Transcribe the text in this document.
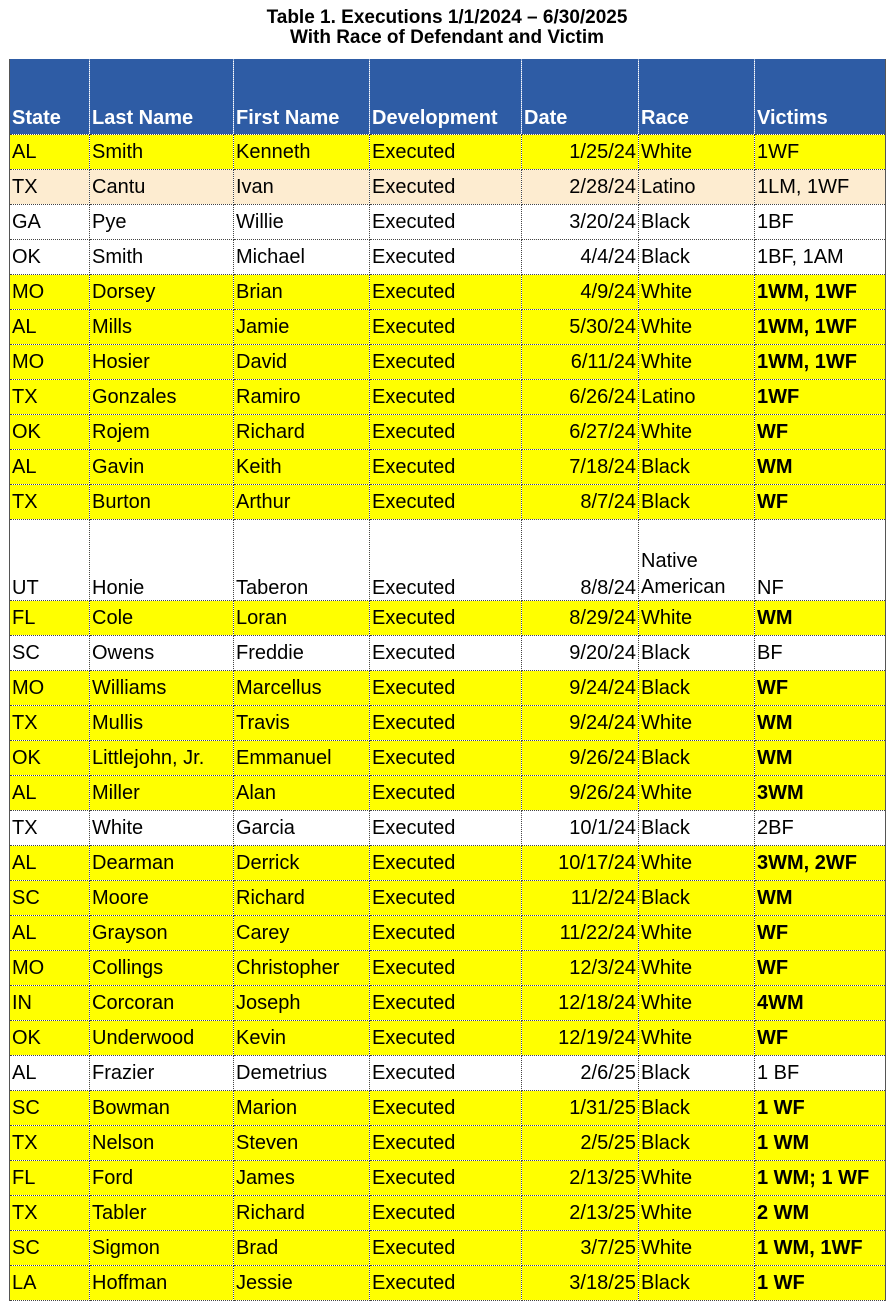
Table 1. Executions 1/1/2024 – 6/30/2025
With Race of Defendant and Victim
State	Last Name	First Name	Development	Date	Race	Victims
AL	Smith	Kenneth	Executed	1/25/24	White	1WF
TX	Cantu	Ivan	Executed	2/28/24	Latino	1LM, 1WF
GA	Pye	Willie	Executed	3/20/24	Black	1BF
OK	Smith	Michael	Executed	4/4/24	Black	1BF, 1AM
MO	Dorsey	Brian	Executed	4/9/24	White	1WM, 1WF
AL	Mills	Jamie	Executed	5/30/24	White	1WM, 1WF
MO	Hosier	David	Executed	6/11/24	White	1WM, 1WF
TX	Gonzales	Ramiro	Executed	6/26/24	Latino	1WF
OK	Rojem	Richard	Executed	6/27/24	White	WF
AL	Gavin	Keith	Executed	7/18/24	Black	WM
TX	Burton	Arthur	Executed	8/7/24	Black	WF
UT	Honie	Taberon	Executed	8/8/24	Native American	NF
FL	Cole	Loran	Executed	8/29/24	White	WM
SC	Owens	Freddie	Executed	9/20/24	Black	BF
MO	Williams	Marcellus	Executed	9/24/24	Black	WF
TX	Mullis	Travis	Executed	9/24/24	White	WM
OK	Littlejohn, Jr.	Emmanuel	Executed	9/26/24	Black	WM
AL	Miller	Alan	Executed	9/26/24	White	3WM
TX	White	Garcia	Executed	10/1/24	Black	2BF
AL	Dearman	Derrick	Executed	10/17/24	White	3WM, 2WF
SC	Moore	Richard	Executed	11/2/24	Black	WM
AL	Grayson	Carey	Executed	11/22/24	White	WF
MO	Collings	Christopher	Executed	12/3/24	White	WF
IN	Corcoran	Joseph	Executed	12/18/24	White	4WM
OK	Underwood	Kevin	Executed	12/19/24	White	WF
AL	Frazier	Demetrius	Executed	2/6/25	Black	1 BF
SC	Bowman	Marion	Executed	1/31/25	Black	1 WF
TX	Nelson	Steven	Executed	2/5/25	Black	1 WM
FL	Ford	James	Executed	2/13/25	White	1 WM; 1 WF
TX	Tabler	Richard	Executed	2/13/25	White	2 WM
SC	Sigmon	Brad	Executed	3/7/25	White	1 WM, 1WF
LA	Hoffman	Jessie	Executed	3/18/25	Black	1 WF
